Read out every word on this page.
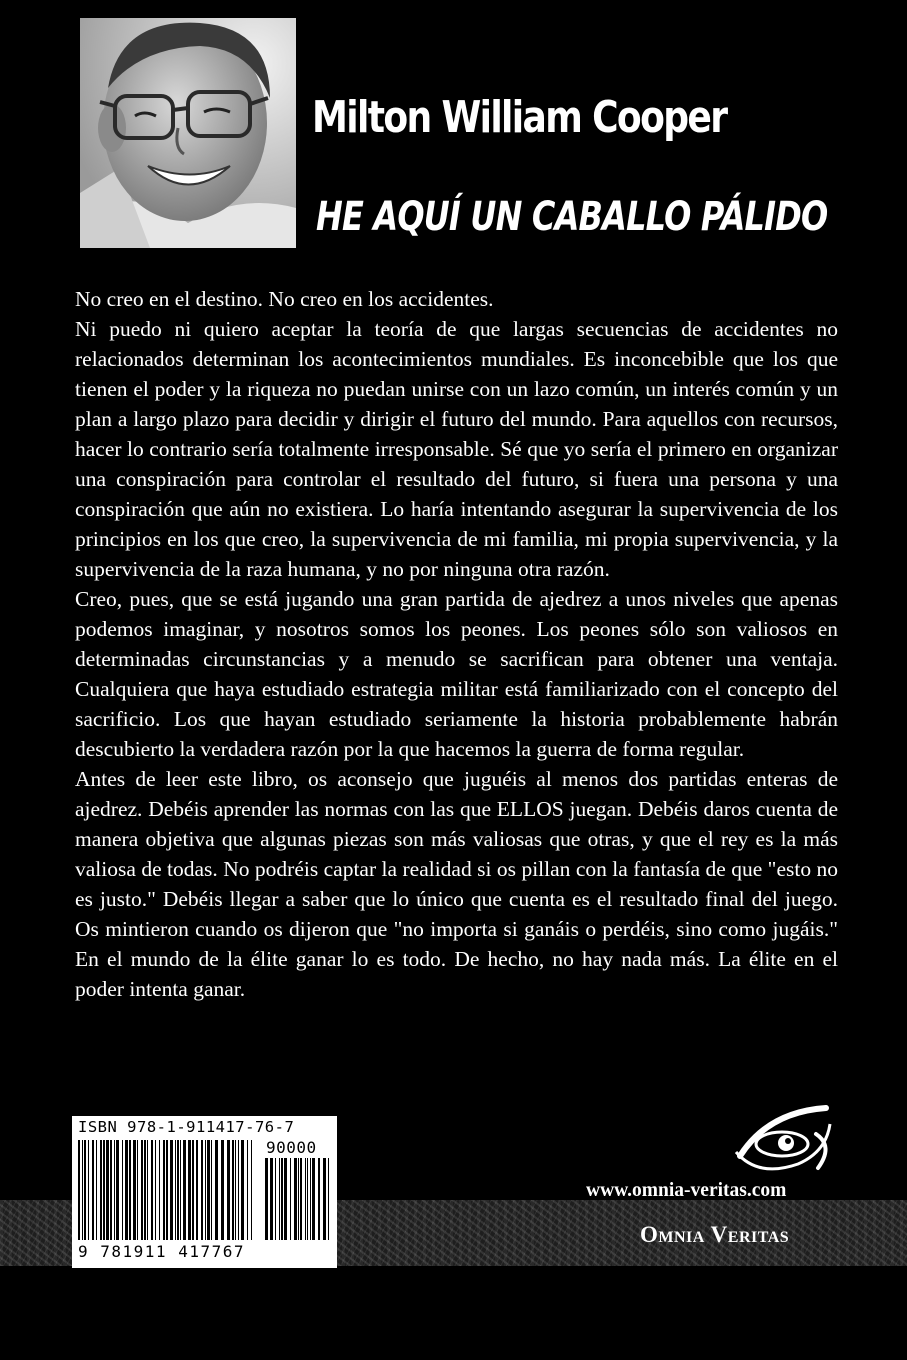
Milton William Cooper
HE AQUÍ UN CABALLO PÁLIDO

No creo en el destino. No creo en los accidentes.

Ni puedo ni quiero aceptar la teoría de que largas secuencias de accidentes no relacionados determinan los acontecimientos mundiales. Es inconcebible que los que tienen el poder y la riqueza no puedan unirse con un lazo común, un interés común y un plan a largo plazo para decidir y dirigir el futuro del mundo. Para aquellos con recursos, hacer lo contrario sería totalmente irresponsable. Sé que yo sería el primero en organizar una conspiración para controlar el resultado del futuro, si fuera una persona y una conspiración que aún no existiera. Lo haría intentando asegurar la supervivencia de los principios en los que creo, la supervivencia de mi familia, mi propia supervivencia, y la supervivencia de la raza humana, y no por ninguna otra razón.

Creo, pues, que se está jugando una gran partida de ajedrez a unos niveles que apenas podemos imaginar, y nosotros somos los peones. Los peones sólo son valiosos en determinadas circunstancias y a menudo se sacrifican para obtener una ventaja. Cualquiera que haya estudiado estrategia militar está familiarizado con el concepto del sacrificio. Los que hayan estudiado seriamente la historia probablemente habrán descubierto la verdadera razón por la que hacemos la guerra de forma regular.

Antes de leer este libro, os aconsejo que juguéis al menos dos partidas enteras de ajedrez. Debéis aprender las normas con las que ELLOS juegan. Debéis daros cuenta de manera objetiva que algunas piezas son más valiosas que otras, y que el rey es la más valiosa de todas. No podréis captar la realidad si os pillan con la fantasía de que "esto no es justo." Debéis llegar a saber que lo único que cuenta es el resultado final del juego. Os mintieron cuando os dijeron que "no importa si ganáis o perdéis, sino como jugáis." En el mundo de la élite ganar lo es todo. De hecho, no hay nada más. La élite en el poder intenta ganar.

ISBN 978-1-911417-76-7
90000
9 781911 417767
www.omnia-veritas.com
Omnia Veritas
